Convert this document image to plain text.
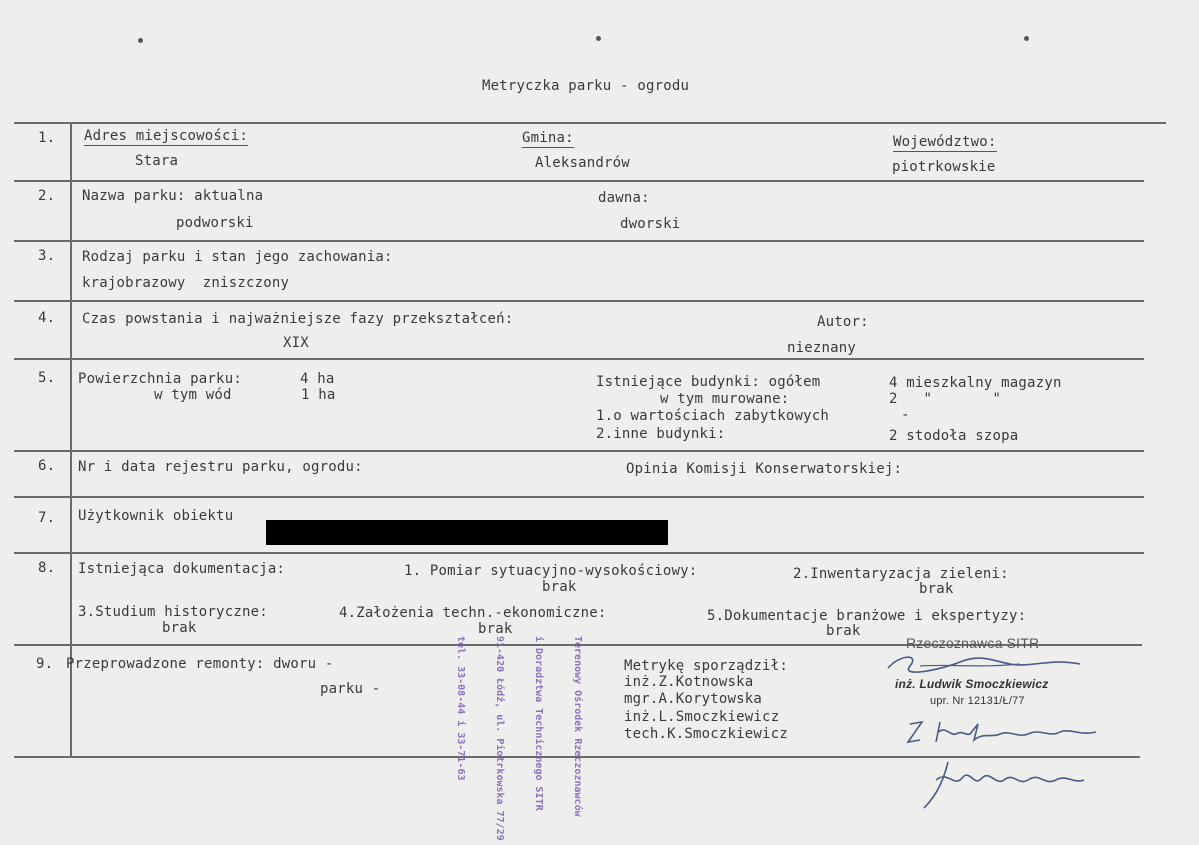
Metryczka parku - ogrodu
1. Adres miejscowości:
Stara
Gmina:
Aleksandrów
Województwo:
piotrkowskie
2. Nazwa parku: aktualna
podworski
dawna:
dworski
3. Rodzaj parku i stan jego zachowania:
krajobrazowy  zniszczony
4. Czas powstania i najważniejsze fazy przekształceń:
XIX
Autor:
nieznany
5. Powierzchnia parku:	4 ha
w tym wód	1 ha
Istniejące budynki: ogółem	4 mieszkalny magazyn
w tym murowane:	2   "       "
1.o wartościach zabytkowych	-
2.inne budynki:	2 stodoła szopa
6. Nr i data rejestru parku, ogrodu:	Opinia Komisji Konserwatorskiej:
7. Użytkownik obiektu
8. Istniejąca dokumentacja:	1. Pomiar sytuacyjno-wysokościowy:
brak
2.Inwentaryzacja zieleni:
brak
3.Studium historyczne:
brak
4.Założenia techn.-ekonomiczne:
brak
5.Dokumentacje branżowe i ekspertyzy:
brak
9. Przeprowadzone remonty: dworu -
parku -
Metrykę sporządził:
inż.Z.Kotnowska
mgr.A.Korytowska
inż.L.Smoczkiewicz
tech.K.Smoczkiewicz

Terenowy Ośrodek Rzeczoznawców

i Doradztwa Technicznego SITR

91-420 Łódź, ul. Piotrkowska 77/29

tel. 33-08-44 i 33-71-63

	Rzeczoznawca SITR
inż. Ludwik Smoczkiewicz
upr. Nr 12131/Ł/77
